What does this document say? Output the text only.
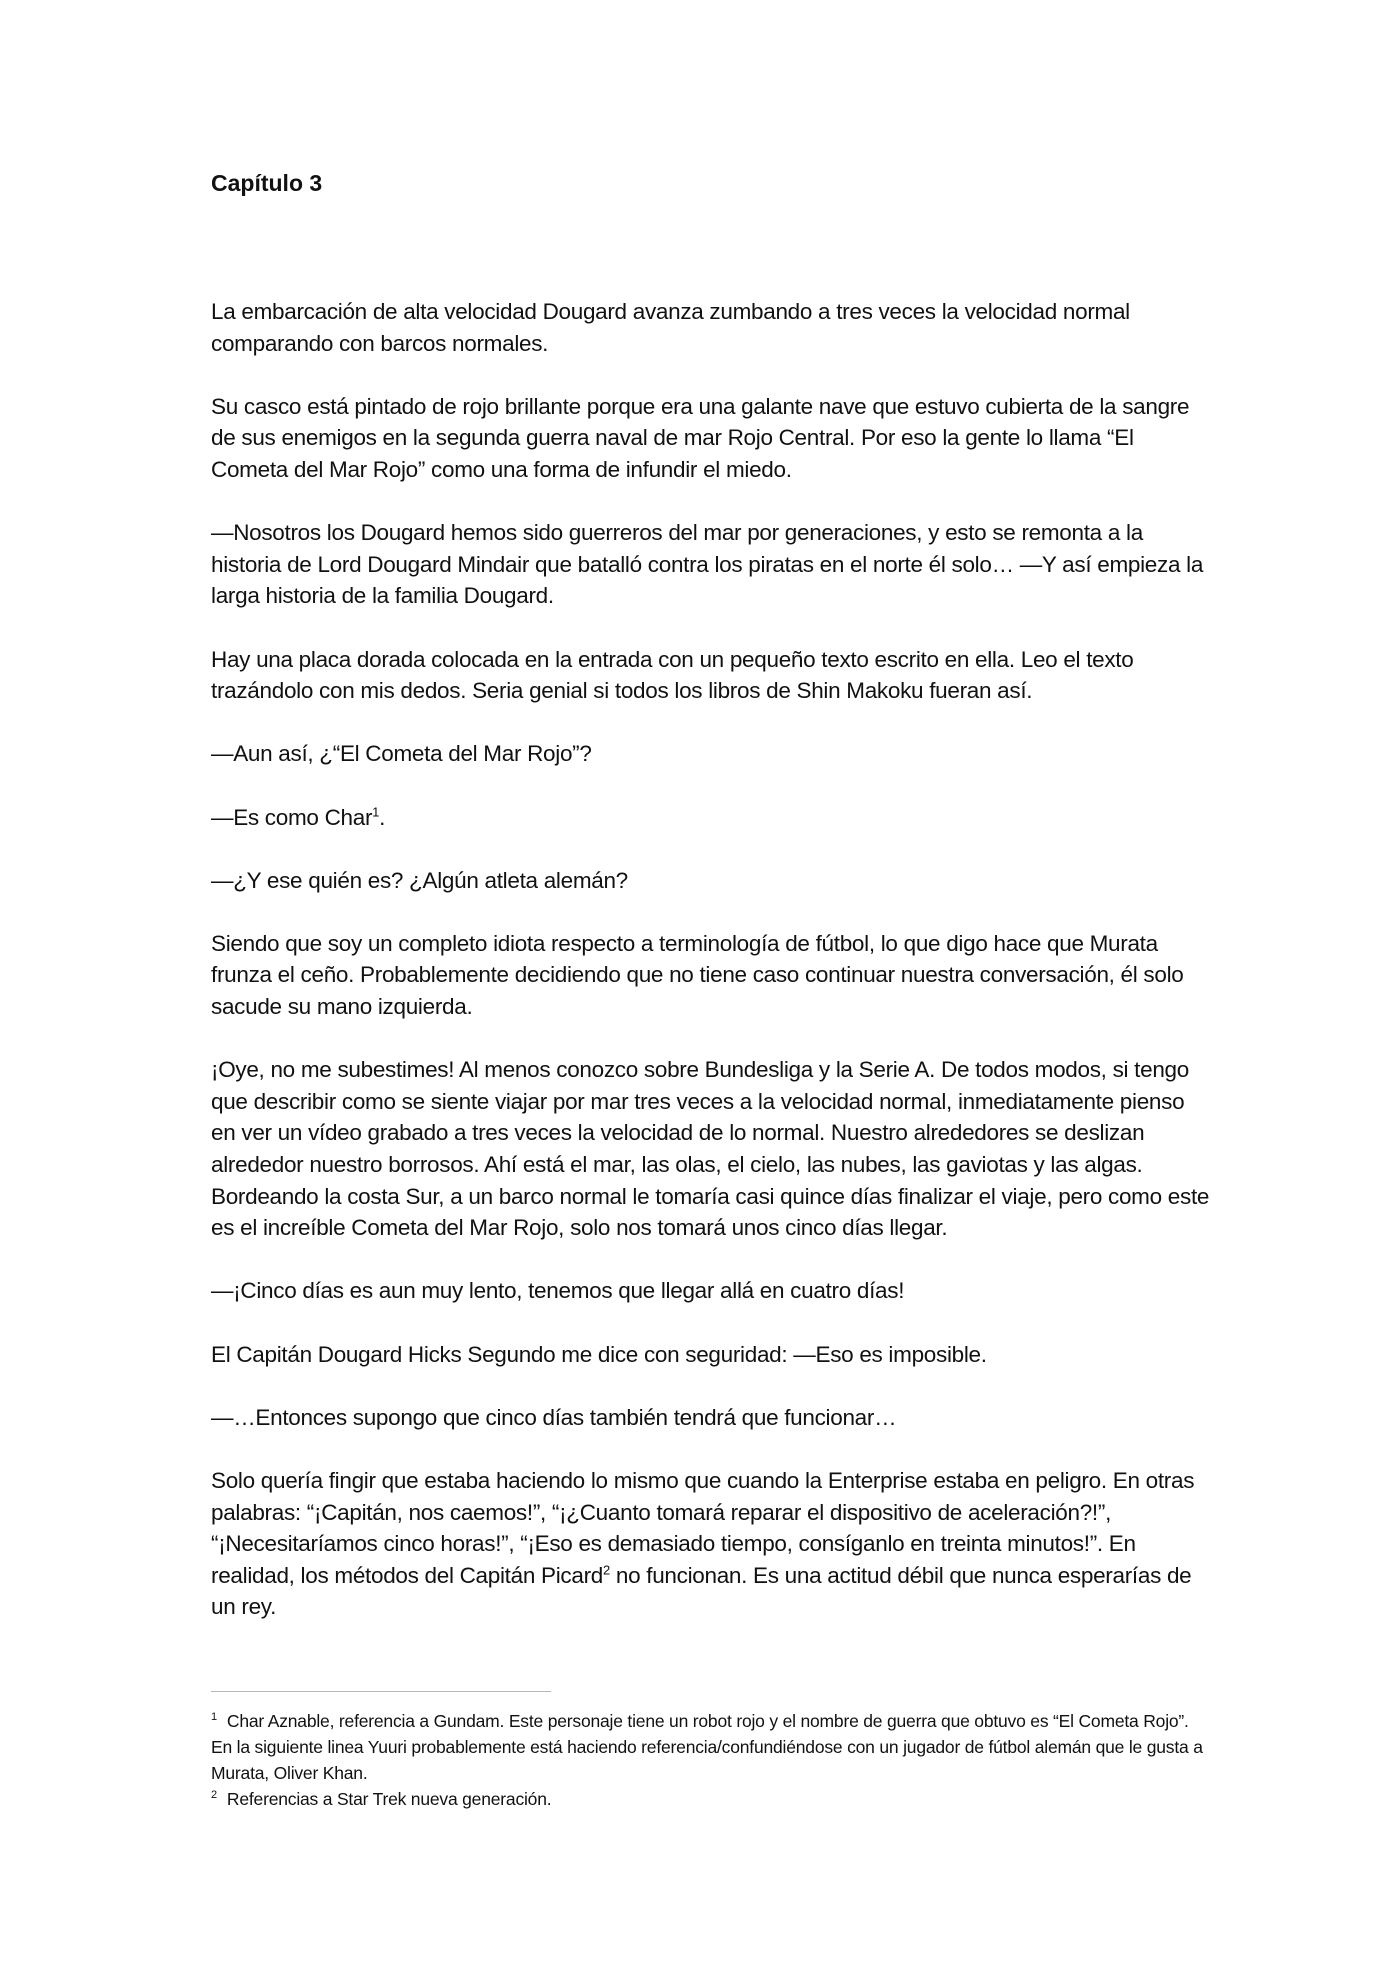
Capítulo 3

La embarcación de alta velocidad Dougard avanza zumbando a tres veces la velocidad normal comparando con barcos normales.

Su casco está pintado de rojo brillante porque era una galante nave que estuvo cubierta de la sangre de sus enemigos en la segunda guerra naval de mar Rojo Central. Por eso la gente lo llama “El Cometa del Mar Rojo” como una forma de infundir el miedo.

—Nosotros los Dougard hemos sido guerreros del mar por generaciones, y esto se remonta a la historia de Lord Dougard Mindair que batalló contra los piratas en el norte él solo… —Y así empieza la larga historia de la familia Dougard.

Hay una placa dorada colocada en la entrada con un pequeño texto escrito en ella. Leo el texto trazándolo con mis dedos. Seria genial si todos los libros de Shin Makoku fueran así.

—Aun así, ¿“El Cometa del Mar Rojo”?

—Es como Char$^1$.

—¿Y ese quién es? ¿Algún atleta alemán?

Siendo que soy un completo idiota respecto a terminología de fútbol, lo que digo hace que Murata frunza el ceño. Probablemente decidiendo que no tiene caso continuar nuestra conversación, él solo sacude su mano izquierda.

¡Oye, no me subestimes! Al menos conozco sobre Bundesliga y la Serie A. De todos modos, si tengo que describir como se siente viajar por mar tres veces a la velocidad normal, inmediatamente pienso en ver un vídeo grabado a tres veces la velocidad de lo normal. Nuestro alrededores se deslizan alrededor nuestro borrosos. Ahí está el mar, las olas, el cielo, las nubes, las gaviotas y las algas. Bordeando la costa Sur, a un barco normal le tomaría casi quince días finalizar el viaje, pero como este es el increíble Cometa del Mar Rojo, solo nos tomará unos cinco días llegar.

—¡Cinco días es aun muy lento, tenemos que llegar allá en cuatro días!

El Capitán Dougard Hicks Segundo me dice con seguridad: —Eso es imposible.

—…Entonces supongo que cinco días también tendrá que funcionar…

Solo quería fingir que estaba haciendo lo mismo que cuando la Enterprise estaba en peligro. En otras palabras: “¡Capitán, nos caemos!”, “¡¿Cuanto tomará reparar el dispositivo de aceleración?!”, “¡Necesitaríamos cinco horas!”, “¡Eso es demasiado tiempo, consíganlo en treinta minutos!”. En realidad, los métodos del Capitán Picard$^2$ no funcionan. Es una actitud débil que nunca esperarías de un rey.

$^1$ Char Aznable, referencia a Gundam. Este personaje tiene un robot rojo y el nombre de guerra que obtuvo es “El Cometa Rojo”. En la siguiente linea Yuuri probablemente está haciendo referencia/confundiéndose con un jugador de fútbol alemán que le gusta a Murata, Oliver Khan.

$^2$ Referencias a Star Trek nueva generación.
